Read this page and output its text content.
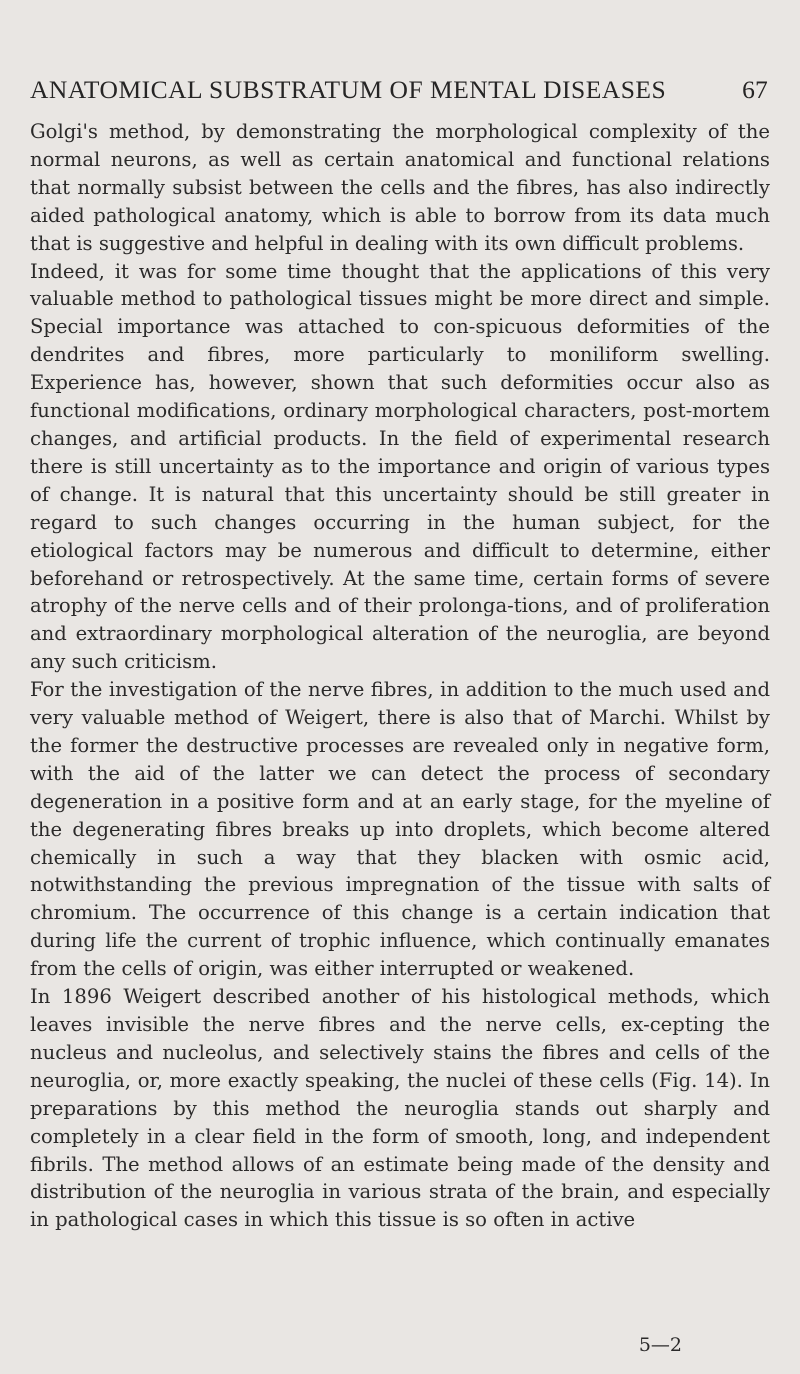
ANATOMICAL SUBSTRATUM OF MENTAL DISEASES	67

Golgi's method, by demonstrating the morphological complexity of the normal neurons, as well as certain anatomical and functional relations that normally subsist between the cells and the fibres, has also indirectly aided pathological anatomy, which is able to borrow from its data much that is suggestive and helpful in dealing with its own difficult problems.

Indeed, it was for some time thought that the applications of this very valuable method to pathological tissues might be more direct and simple. Special importance was attached to con-spicuous deformities of the dendrites and fibres, more particularly to moniliform swelling. Experience has, however, shown that such deformities occur also as functional modifications, ordinary morphological characters, post-mortem changes, and artificial products. In the field of experimental research there is still uncertainty as to the importance and origin of various types of change. It is natural that this uncertainty should be still greater in regard to such changes occurring in the human subject, for the etiological factors may be numerous and difficult to determine, either beforehand or retrospectively. At the same time, certain forms of severe atrophy of the nerve cells and of their prolonga-tions, and of proliferation and extraordinary morphological alteration of the neuroglia, are beyond any such criticism.

For the investigation of the nerve fibres, in addition to the much used and very valuable method of Weigert, there is also that of Marchi. Whilst by the former the destructive processes are revealed only in negative form, with the aid of the latter we can detect the process of secondary degeneration in a positive form and at an early stage, for the myeline of the degenerating fibres breaks up into droplets, which become altered chemically in such a way that they blacken with osmic acid, notwithstanding the previous impregnation of the tissue with salts of chromium. The occurrence of this change is a certain indication that during life the current of trophic influence, which continually emanates from the cells of origin, was either interrupted or weakened.

In 1896 Weigert described another of his histological methods, which leaves invisible the nerve fibres and the nerve cells, ex-cepting the nucleus and nucleolus, and selectively stains the fibres and cells of the neuroglia, or, more exactly speaking, the nuclei of these cells (Fig. 14). In preparations by this method the neuroglia stands out sharply and completely in a clear field in the form of smooth, long, and independent fibrils. The method allows of an estimate being made of the density and distribution of the neuroglia in various strata of the brain, and especially in pathological cases in which this tissue is so often in active

5—2
